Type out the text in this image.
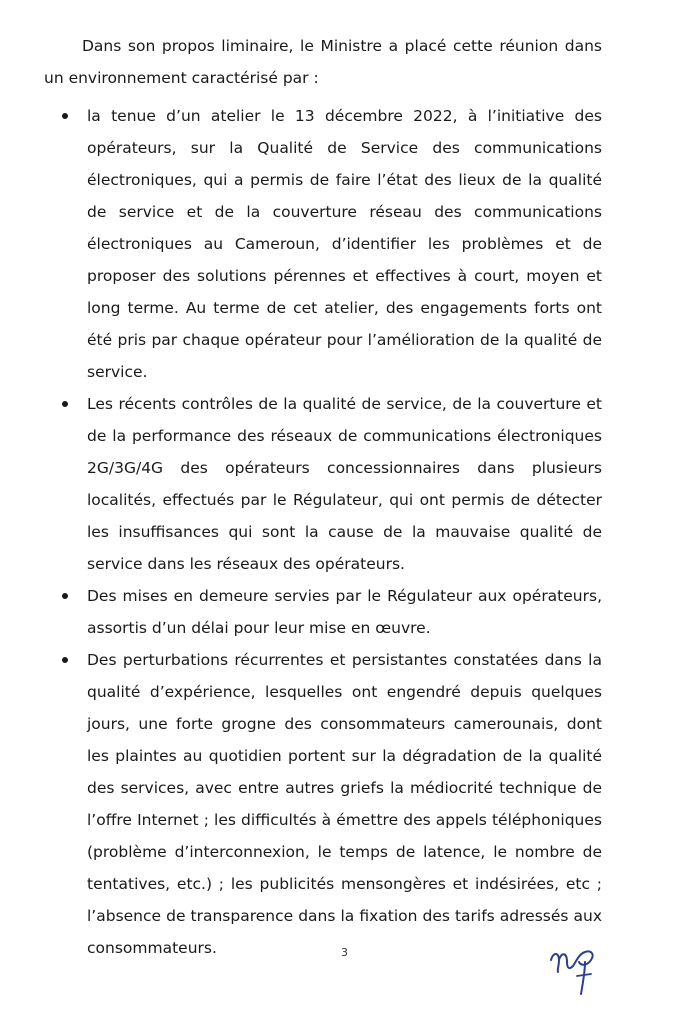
Dans son propos liminaire, le Ministre a placé cette réunion dans un environnement caractérisé par :

la tenue d’un atelier le 13 décembre 2022, à l’initiative des opérateurs, sur la Qualité de Service des communications électroniques, qui a permis de faire l’état des lieux de la qualité de service et de la couverture réseau des communications électroniques au Cameroun, d’identifier les problèmes et de proposer des solutions pérennes et effectives à court, moyen et long terme. Au terme de cet atelier, des engagements forts ont été pris par chaque opérateur pour l’amélioration de la qualité de service.
Les récents contrôles de la qualité de service, de la couverture et de la performance des réseaux de communications électroniques 2G/3G/4G des opérateurs concessionnaires dans plusieurs localités, effectués par le Régulateur, qui ont permis de détecter les insuffisances qui sont la cause de la mauvaise qualité de service dans les réseaux des opérateurs.
Des mises en demeure servies par le Régulateur aux opérateurs, assortis d’un délai pour leur mise en œuvre.
Des perturbations récurrentes et persistantes constatées dans la qualité d’expérience, lesquelles ont engendré depuis quelques jours, une forte grogne des consommateurs camerounais, dont les plaintes au quotidien portent sur la dégradation de la qualité des services, avec entre autres griefs la médiocrité technique de l’offre Internet ; les difficultés à émettre des appels téléphoniques (problème d’interconnexion, le temps de latence, le nombre de tentatives, etc.) ; les publicités mensongères et indésirées, etc ; l’absence de transparence dans la fixation des tarifs adressés aux consommateurs.	3
